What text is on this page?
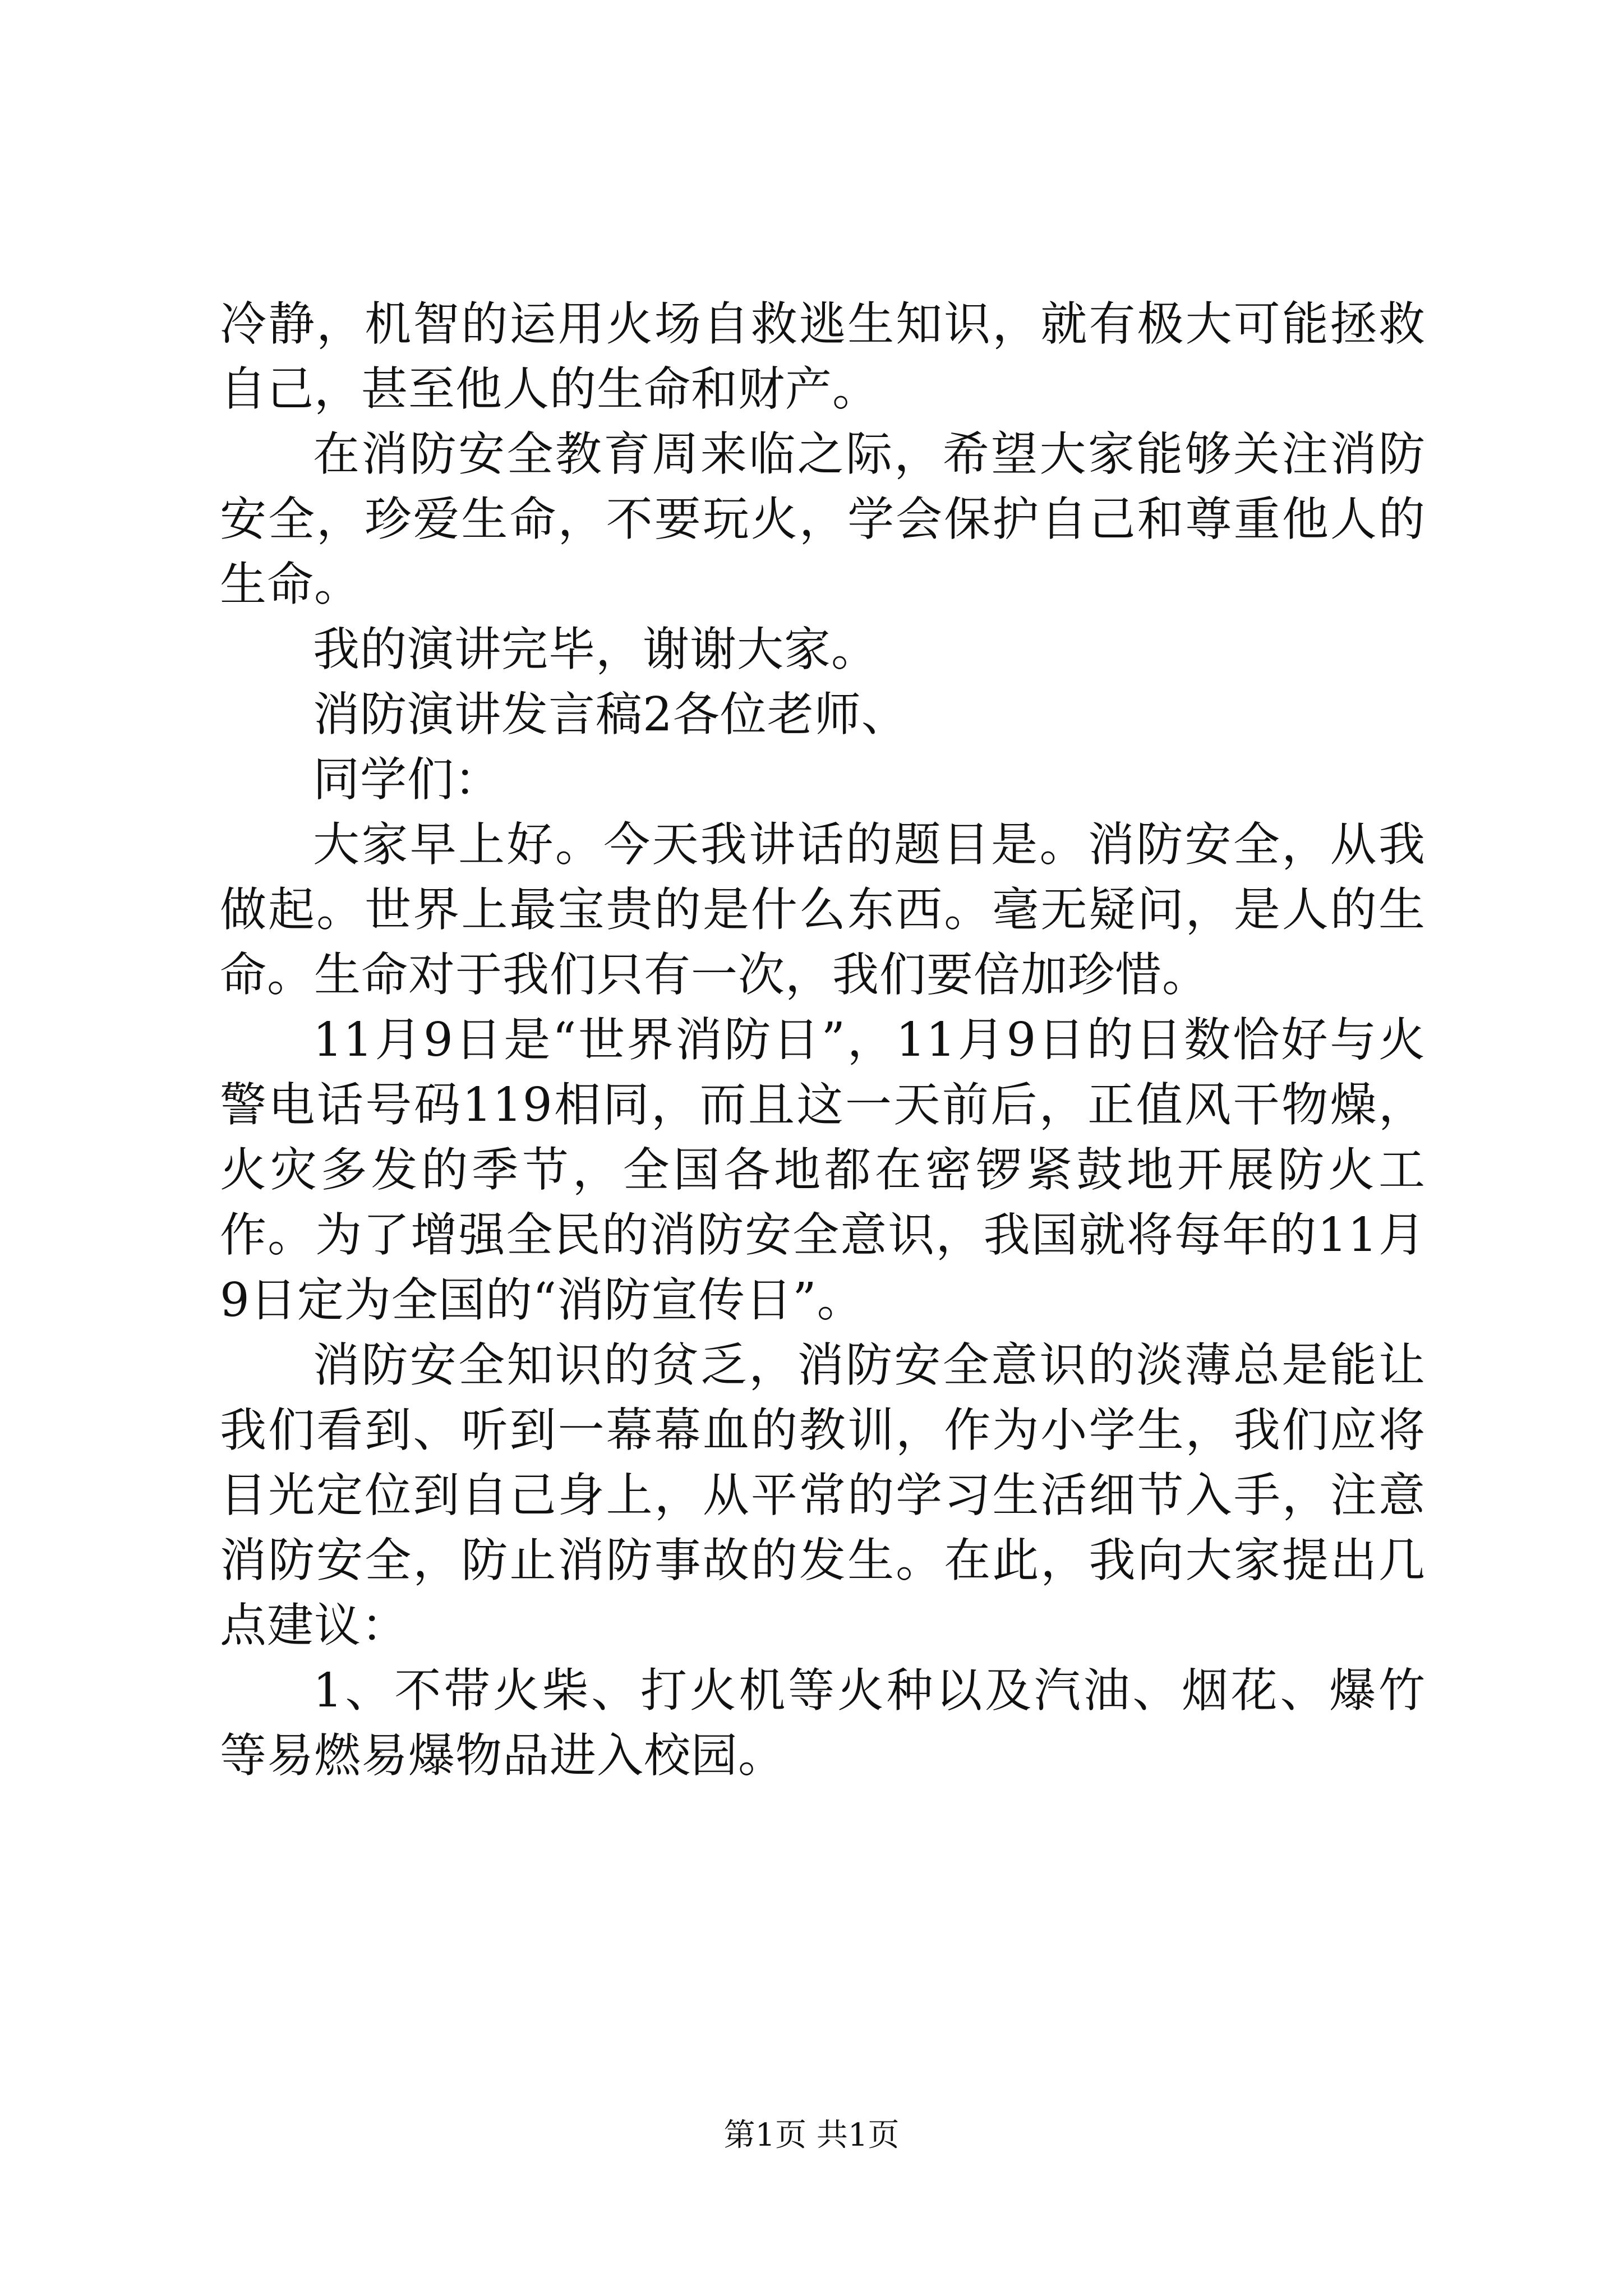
冷静，机智的运用火场自救逃生知识，就有极大可能拯救自己，甚至他人的生命和财产。

在消防安全教育周来临之际，希望大家能够关注消防安全，珍爱生命，不要玩火，学会保护自己和尊重他人的生命。

我的演讲完毕，谢谢大家。

消防演讲发言稿2各位老师、

同学们：

大家早上好。今天我讲话的题目是。消防安全，从我做起。世界上最宝贵的是什么东西。毫无疑问，是人的生命。生命对于我们只有一次，我们要倍加珍惜。

11月9日是“世界消防日”，11月9日的日数恰好与火警电话号码119相同，而且这一天前后，正值风干物燥，火灾多发的季节，全国各地都在密锣紧鼓地开展防火工作。为了增强全民的消防安全意识，我国就将每年的11月9日定为全国的“消防宣传日”。

消防安全知识的贫乏，消防安全意识的淡薄总是能让我们看到、听到一幕幕血的教训，作为小学生，我们应将目光定位到自己身上，从平常的学习生活细节入手，注意消防安全，防止消防事故的发生。在此，我向大家提出几点建议：

1、不带火柴、打火机等火种以及汽油、烟花、爆竹等易燃易爆物品进入校园。

第1页 共1页
